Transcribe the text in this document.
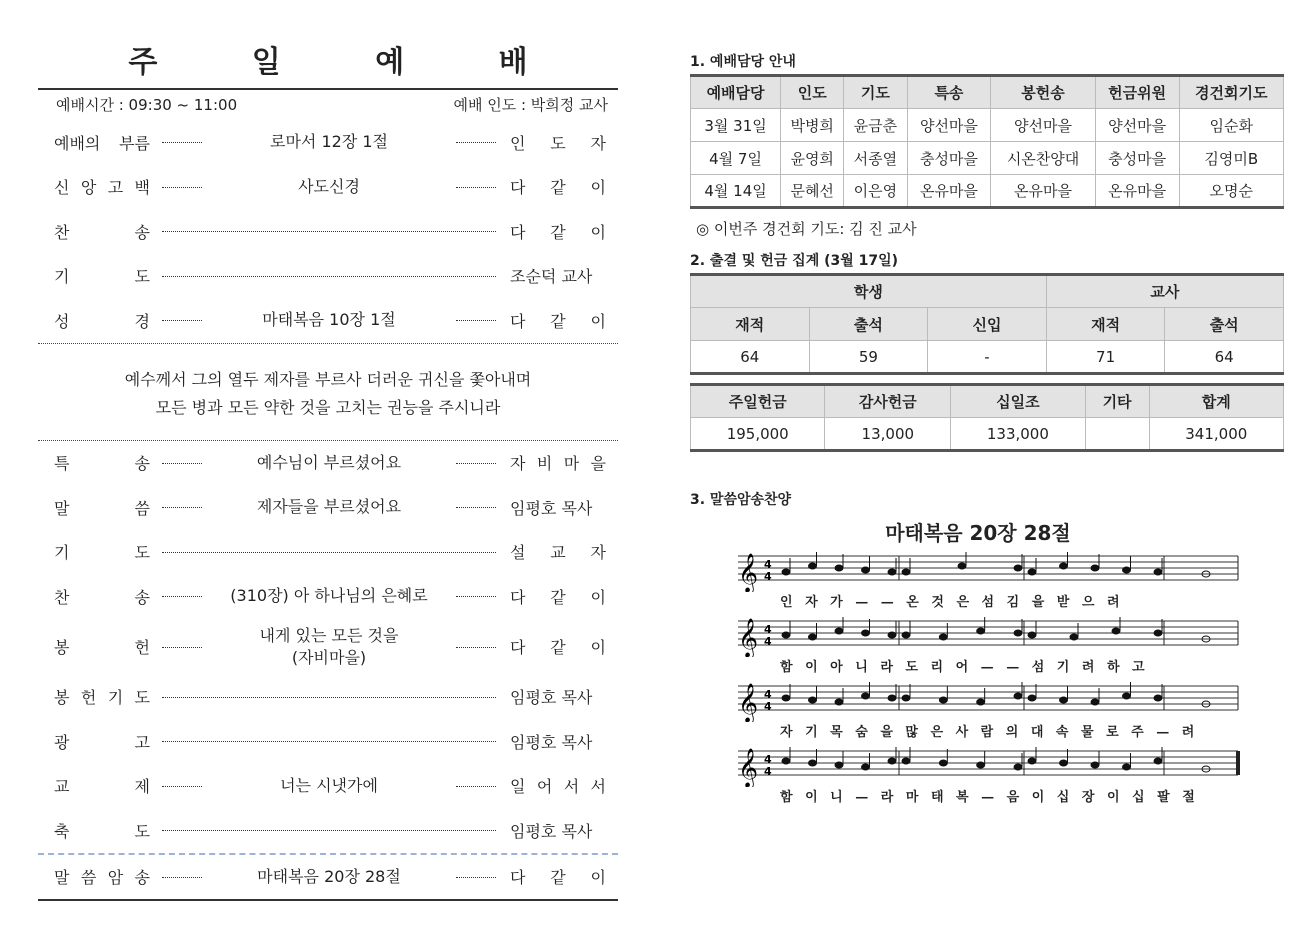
주 일 예 배
예배시간 : 09:30 ~ 11:00	예배 인도 : 박희정 교사
예배의 부름	로마서 12장 1절	인 도 자
신 앙 고 백	사도신경	다 같 이
찬	송	다 같 이
기	도	조순덕 교사
성	경	마태복음 10장 1절	다 같 이
예수께서 그의 열두 제자를 부르사 더러운 귀신을 쫓아내며
모든 병과 모든 약한 것을 고치는 권능을 주시니라
특	송	예수님이 부르셨어요	자 비 마 을
말	씀	제자들을 부르셨어요	임평호 목사
기	도	설 교 자
찬	송	(310장) 아 하나님의 은혜로	다 같 이
봉	헌
내게 있는 모든 것을
(자비마을)	다 같 이
봉 헌 기 도	임평호 목사
광	고	임평호 목사
교	제	너는 시냇가에	일 어 서 서
축	도	임평호 목사
말 씀 암 송	마태복음 20장 28절	다 같 이
1. 예배담당 안내
예배담당	인도	기도	특송	봉헌송	헌금위원	경건회기도
3월 31일	박병희	윤금춘	양선마을	양선마을	양선마을	임순화
4월 7일	윤영희	서종열	충성마을	시온찬양대	충성마을	김영미B
4월 14일	문혜선	이은영	온유마을	온유마을	온유마을	오명순
◎ 이번주 경건회 기도: 김 진 교사
2. 출결 및 헌금 집계 (3월 17일)
학생			교사	
재적	출석	신입	재적	출석
64	59	-	71	64
주일헌금	감사헌금	십일조	기타	합계
195,000	13,000	133,000		341,000
3. 말씀암송찬양
마태복음 20장 28절
𝄞 4
4
인 자 가 — — 온 것 은 섬 김 을 받 으 려
𝄞 4
4
함 이 아 니 라 도 리 어 — — 섬 기 려 하 고
𝄞 4
4
자 기 목 숨 을 많 은 사 람 의 대 속 물 로 주 — 려
𝄞 4
4
함 이 니 — 라 마 태 복 — 음 이 십 장 이 십 팔 절
